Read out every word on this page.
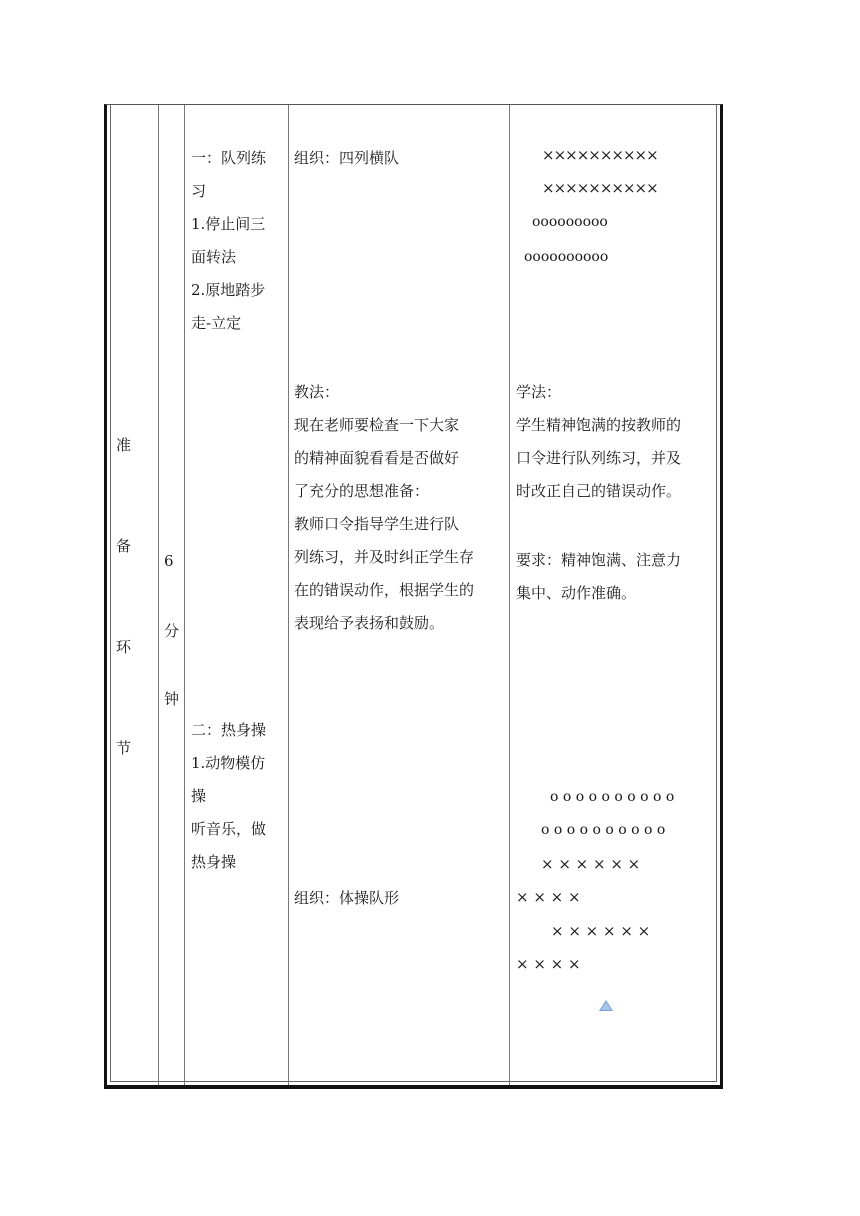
准
备
环
节
6
分
钟
一：队列练
习
1.停止间三
面转法
2.原地踏步
走-立定
二：热身操
1.动物模仿
操
听音乐，做
热身操
组织：四列横队
教法：
现在老师要检查一下大家
的精神面貌看看是否做好
了充分的思想准备：
教师口令指导学生进行队
列练习，并及时纠正学生存
在的错误动作，根据学生的
表现给予表扬和鼓励。
组织：体操队形
××××××××××
××××××××××
ooooooooo
oooooooooo
学法：
学生精神饱满的按教师的
口令进行队列练习，并及
时改正自己的错误动作。
要求：精神饱满、注意力
集中、动作准确。
o o o o o o o o o o
o o o o o o o o o o
× × × × × ×
× × × ×
× × × × × ×
× × × ×
